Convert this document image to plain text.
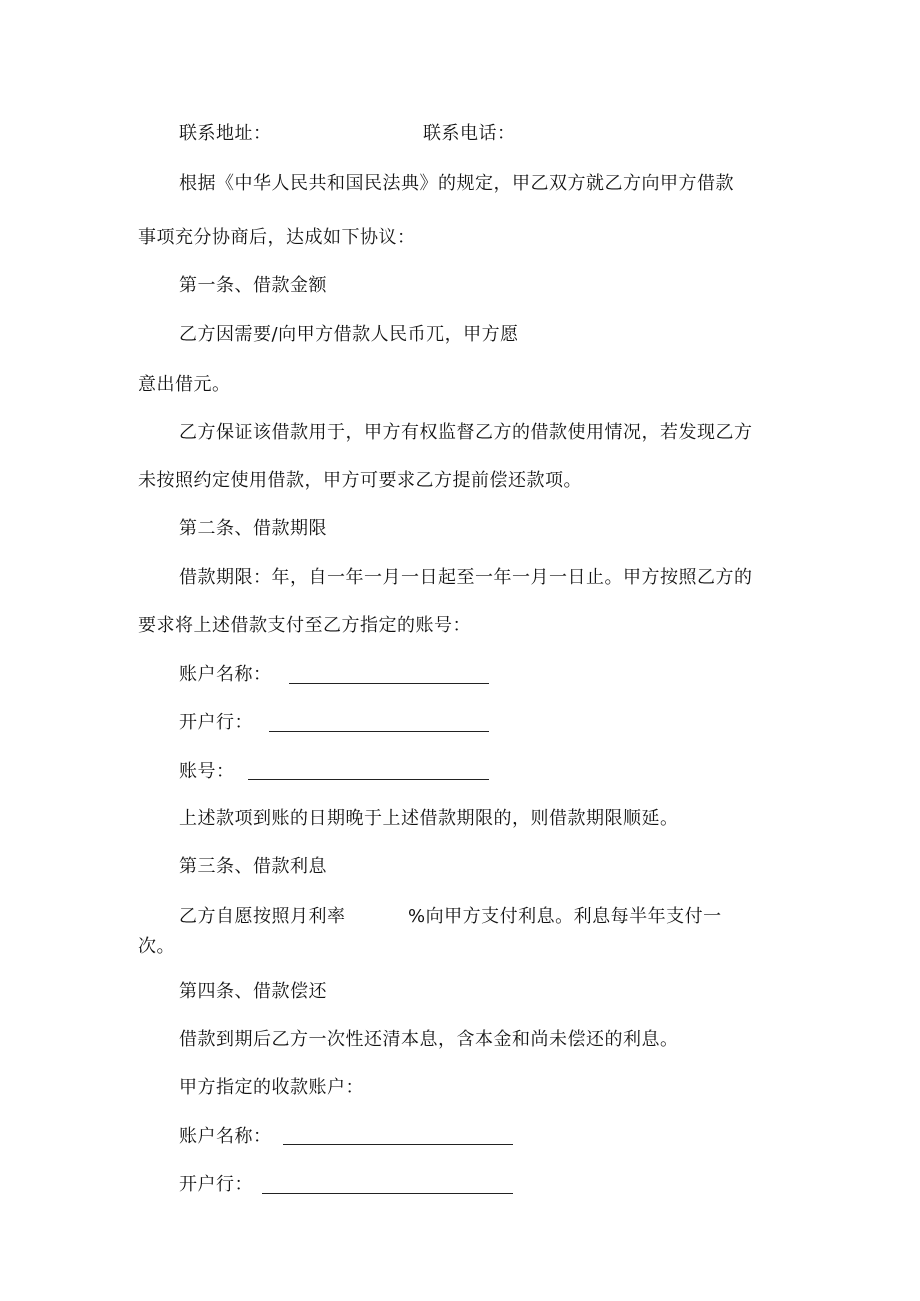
联系地址：	联系电话：
根据《中华人民共和国民法典》的规定，甲乙双方就乙方向甲方借款
事项充分协商后，达成如下协议：
第一条、借款金额
乙方因需要/向甲方借款人民币兀，甲方愿
意出借元。
乙方保证该借款用于，甲方有权监督乙方的借款使用情况，若发现乙方
未按照约定使用借款，甲方可要求乙方提前偿还款项。
第二条、借款期限
借款期限：年，自一年一月一日起至一年一月一日止。甲方按照乙方的
要求将上述借款支付至乙方指定的账号：
账户名称：
开户行：
账号：
上述款项到账的日期晚于上述借款期限的，则借款期限顺延。
第三条、借款利息
乙方自愿按照月利率	%向甲方支付利息。利息每半年支付一
次。
第四条、借款偿还
借款到期后乙方一次性还清本息，含本金和尚未偿还的利息。
甲方指定的收款账户：
账户名称：
开户行：
